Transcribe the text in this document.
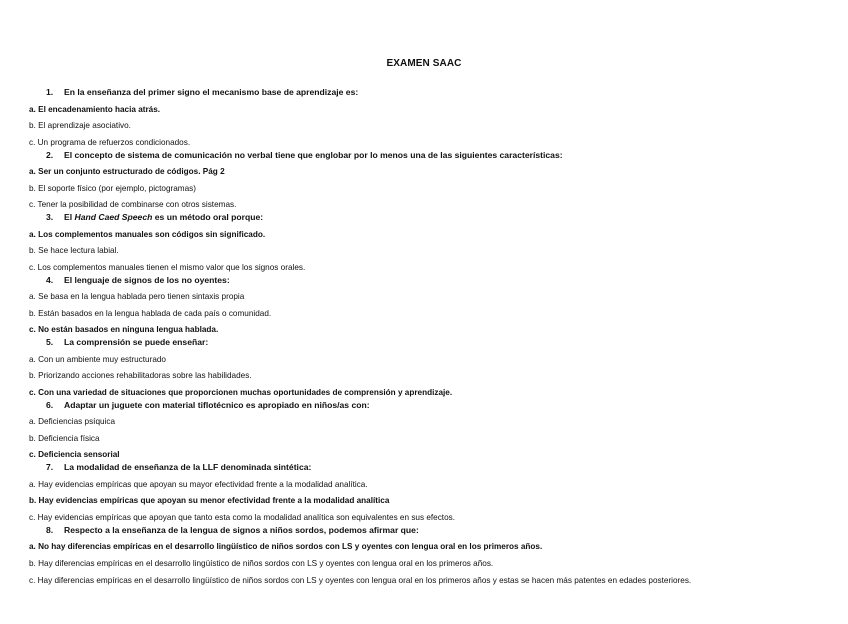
EXAMEN SAAC
1. En la enseñanza del primer signo el mecanismo base de aprendizaje es:
a. El encadenamiento hacia atrás.
b. El aprendizaje asociativo.
c. Un programa de refuerzos condicionados.
2. El concepto de sistema de comunicación no verbal tiene que englobar por lo menos una de las siguientes características:
a. Ser un conjunto estructurado de códigos. Pág 2
b. El soporte físico (por ejemplo, pictogramas)
c. Tener la posibilidad de combinarse con otros sistemas.
3. El Hand Caed Speech es un método oral porque:
a. Los complementos manuales son códigos sin significado.
b. Se hace lectura labial.
c. Los complementos manuales tienen el mismo valor que los signos orales.
4. El lenguaje de signos de los no oyentes:
a. Se basa en la lengua hablada pero tienen sintaxis propia
b. Están basados en la lengua hablada de cada país o comunidad.
c. No están basados en ninguna lengua hablada.
5. La comprensión se puede enseñar:
a. Con un ambiente muy estructurado
b. Priorizando acciones rehabilitadoras sobre las habilidades.
c. Con una variedad de situaciones que proporcionen muchas oportunidades de comprensión y aprendizaje.
6. Adaptar un juguete con material tiflotécnico es apropiado en niños/as con:
a. Deficiencias psíquica
b. Deficiencia física
c. Deficiencia sensorial
7. La modalidad de enseñanza de la LLF denominada sintética:
a. Hay evidencias empíricas que apoyan su mayor efectividad frente a la modalidad analítica.
b. Hay evidencias empíricas que apoyan su menor efectividad frente a la modalidad analítica
c. Hay evidencias empíricas que apoyan que tanto esta como la modalidad analítica son equivalentes en sus efectos.
8. Respecto a la enseñanza de la lengua de signos a niños sordos, podemos afirmar que:
a. No hay diferencias empíricas en el desarrollo lingüístico de niños sordos con LS y oyentes con lengua oral en los primeros años.
b. Hay diferencias empíricas en el desarrollo lingüístico de niños sordos con LS y oyentes con lengua oral en los primeros años.
c. Hay diferencias empíricas en el desarrollo lingüístico de niños sordos con LS y oyentes con lengua oral en los primeros años y estas se hacen más patentes en edades posteriores.
